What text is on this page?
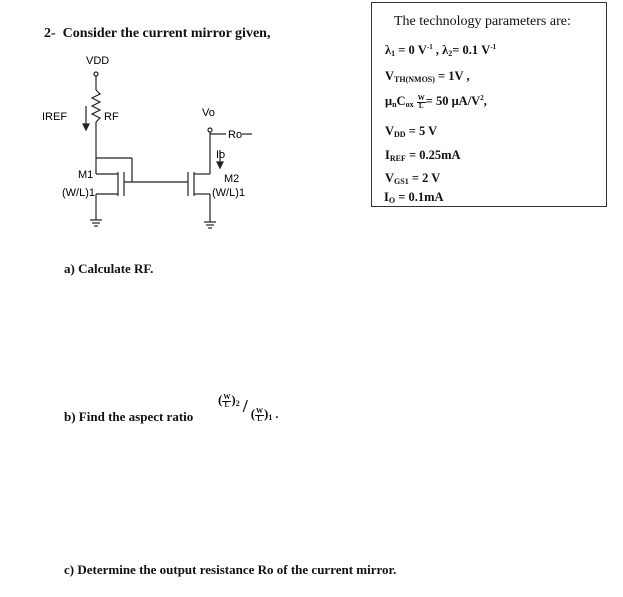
2- Consider the current mirror given,
The technology parameters are:
$\lambda_1 = 0$ $V^{-1}$ , $\lambda_2= 0.1$ $V^{-1}$
$V_{TH(NMOS)} = 1V$ ,
$\mu_nC_{ox} \frac{W}{L} = 50$ $\mu A/V^2$,
$V_{DD} = 5$ V
$I_{REF} = 0.25mA$
$V_{GS1} = 2$ V
$I_O = 0.1mA$
VDD
IREF	RF	Vo
Ro
Io
M1
(W/L)1
M2
(W/L)1
a) Calculate RF.
b) Find the aspect ratio
( $\frac{W}{L} )_2$ / ( $\frac{W}{L} )_1$ .
c) Determine the output resistance Ro of the current mirror.
